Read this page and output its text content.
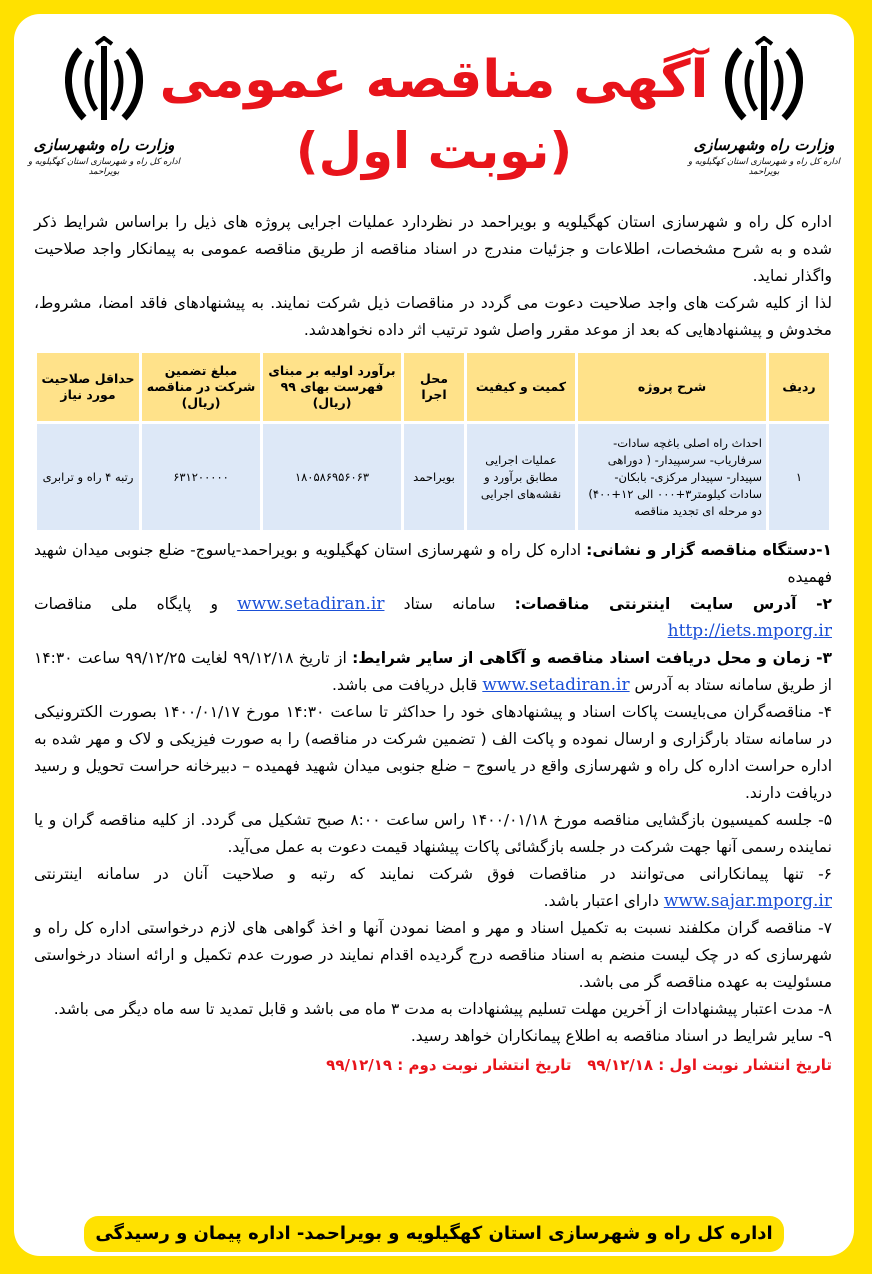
وزارت راه وشهرسازی
اداره کل راه و شهرسازی استان کهگیلویه و بویراحمد
وزارت راه وشهرسازی
اداره کل راه و شهرسازی استان کهگیلویه و بویراحمد
آگهی مناقصه عمومی
(نوبت اول)

اداره کل راه و شهرسازی استان کهگیلویه و بویراحمد در نظردارد عملیات اجرایی پروژه های ذیل را براساس شرایط ذکر شده و به شرح مشخصات، اطلاعات و جزئیات مندرج در اسناد مناقصه از طریق مناقصه عمومی به پیمانکار واجد صلاحیت واگذار نماید.

لذا از کلیه شرکت های واجد صلاحیت دعوت می گردد در مناقصات ذیل شرکت نمایند. به پیشنهادهای فاقد امضا، مشروط، مخدوش و پیشنهادهایی که بعد از موعد مقرر واصل شود ترتیب اثر داده نخواهدشد.

ردیف	شرح پروژه	کمیت و کیفیت	محل اجرا	برآورد اولیه بر مبنای فهرست بهای ۹۹ (ریال)	مبلغ تضمین شرکت در مناقصه (ریال)	حداقل صلاحیت مورد نیاز
۱	احداث راه اصلی باغچه سادات- سرفاریاب- سرسپیدار- ( دوراهی سپیدار- سپیدار مرکزی- بابکان- سادات کیلومتر۳+۰۰۰ الی ۱۲+۴۰۰) دو مرحله ای تجدید مناقصه	عملیات اجرایی مطابق برآورد و نقشه‌های اجرایی	بویراحمد	۱۸۰۵۸۶۹۵۶۰۶۳	۶۳۱۲۰۰۰۰۰	رتبه ۴ راه و ترابری

۱-دستگاه مناقصه گزار و نشانی: اداره کل راه و شهرسازی استان کهگیلویه و بویراحمد-یاسوج- ضلع جنوبی میدان شهید فهمیده

۲- آدرس سایت اینترنتی مناقصات: سامانه ستاد www.setadiran.ir و پایگاه ملی مناقصات http://iets.mporg.ir

۳- زمان و محل دریافت اسناد مناقصه و آگاهی از سایر شرایط: از تاریخ ۹۹/۱۲/۱۸ لغایت ۹۹/۱۲/۲۵ ساعت ۱۴:۳۰ از طریق سامانه ستاد به آدرس www.setadiran.ir قابل دریافت می باشد.

۴- مناقصه‌گران می‌بایست پاکات اسناد و پیشنهادهای خود را حداکثر تا ساعت ۱۴:۳۰ مورخ ۱۴۰۰/۰۱/۱۷ بصورت الکترونیکی در سامانه ستاد بارگزاری و ارسال نموده و پاکت الف ( تضمین شرکت در مناقصه) را به صورت فیزیکی و لاک و مهر شده به اداره حراست اداره کل راه و شهرسازی واقع در یاسوج – ضلع جنوبی میدان شهید فهمیده – دبیرخانه حراست تحویل و رسید دریافت دارند.

۵- جلسه کمیسیون بازگشایی مناقصه مورخ ۱۴۰۰/۰۱/۱۸ راس ساعت ۸:۰۰ صبح تشکیل می گردد. از کلیه مناقصه گران و یا نماینده رسمی آنها جهت شرکت در جلسه بازگشائی پاکات پیشنهاد قیمت دعوت به عمل می‌آید.

۶- تنها پیمانکارانی می‌توانند در مناقصات فوق شرکت نمایند که رتبه و صلاحیت آنان در سامانه اینترنتی www.sajar.mporg.ir دارای اعتبار باشد.

۷- مناقصه گران مکلفند نسبت به تکمیل اسناد و مهر و امضا نمودن آنها و اخذ گواهی های لازم درخواستی اداره کل راه و شهرسازی که در چک لیست منضم به اسناد مناقصه درج گردیده اقدام نمایند در صورت عدم تکمیل و ارائه اسناد درخواستی مسئولیت به عهده مناقصه گر می باشد.

۸- مدت اعتبار پیشنهادات از آخرین مهلت تسلیم پیشنهادات به مدت ۳ ماه می باشد و قابل تمدید تا سه ماه دیگر می باشد.

۹- سایر شرایط در اسناد مناقصه به اطلاع پیمانکاران خواهد رسید.

تاریخ انتشار نوبت اول : ۹۹/۱۲/۱۸   تاریخ انتشار نوبت دوم : ۹۹/۱۲/۱۹
اداره کل راه و شهرسازی استان کهگیلویه و بویراحمد- اداره پیمان و رسیدگی
